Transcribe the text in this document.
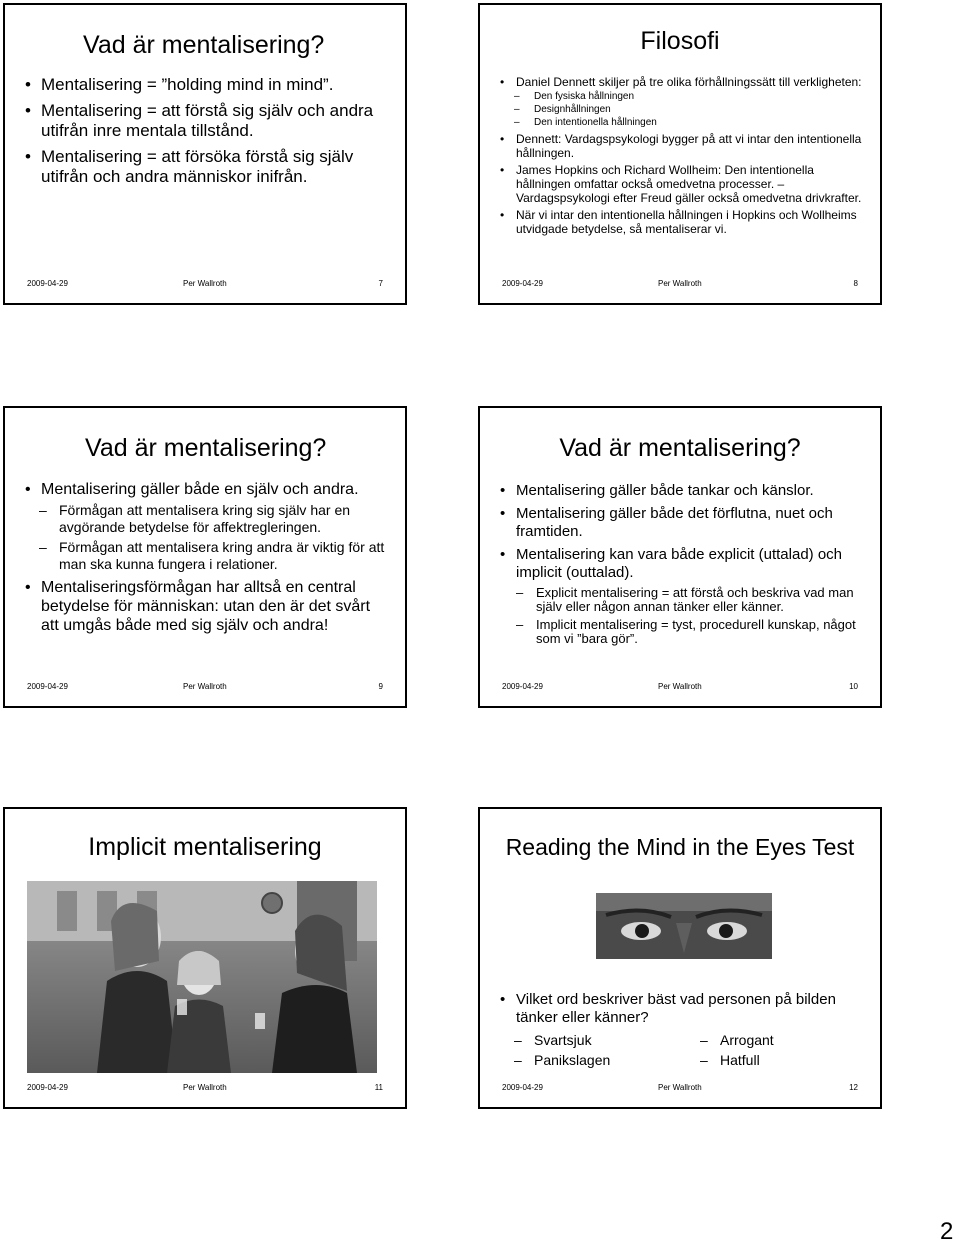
Vad är mentalisering?
• Mentalisering = ”holding mind in mind”.
• Mentalisering = att förstå sig själv och andra utifrån inre mentala tillstånd.
• Mentalisering = att försöka förstå sig själv utifrån och andra människor inifrån.
2009-04-29	Per Wallroth	7
Filosofi
• Daniel Dennett skiljer på tre olika förhållningssätt till verkligheten:
– Den fysiska hållningen
– Designhållningen
– Den intentionella hållningen
• Dennett: Vardagspsykologi bygger på att vi intar den intentionella hållningen.
• James Hopkins och Richard Wollheim: Den intentionella hållningen omfattar också omedvetna processer. – Vardagspsykologi efter Freud gäller också omedvetna drivkrafter.
• När vi intar den intentionella hållningen i Hopkins och Wollheims utvidgade betydelse, så mentaliserar vi.
2009-04-29	Per Wallroth	8
Vad är mentalisering?
• Mentalisering gäller både en själv och andra.
– Förmågan att mentalisera kring sig själv har en avgörande betydelse för affektregleringen.
– Förmågan att mentalisera kring andra är viktig för att man ska kunna fungera i relationer.
• Mentaliseringsförmågan har alltså en central betydelse för människan: utan den är det svårt att umgås både med sig själv och andra!
2009-04-29	Per Wallroth	9
Vad är mentalisering?
• Mentalisering gäller både tankar och känslor.
• Mentalisering gäller både det förflutna, nuet och framtiden.
• Mentalisering kan vara både explicit (uttalad) och implicit (outtalad).
– Explicit mentalisering = att förstå och beskriva vad man själv eller någon annan tänker eller känner.
– Implicit mentalisering = tyst, procedurell kunskap, något som vi ”bara gör”.
2009-04-29	Per Wallroth	10
Implicit mentalisering
2009-04-29	Per Wallroth	11
Reading the Mind in the Eyes Test
• Vilket ord beskriver bäst vad personen på bilden tänker eller känner?
– Svartsjuk	– Arrogant
– Panikslagen	– Hatfull
2009-04-29	Per Wallroth	12
2
